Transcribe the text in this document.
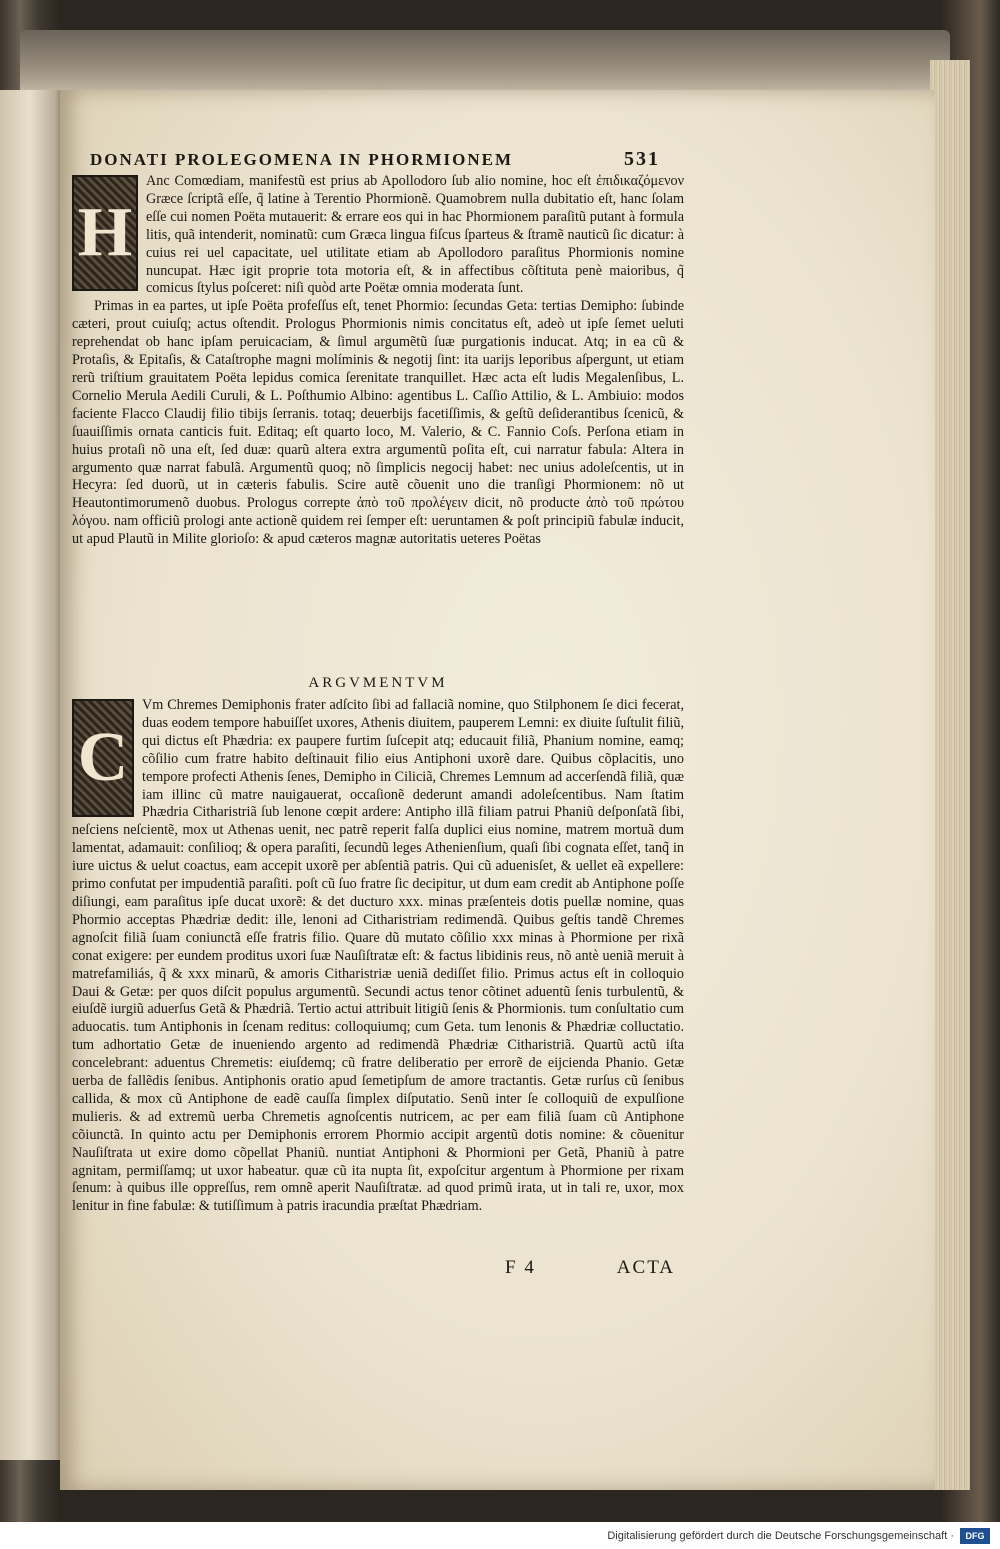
DONATI PROLEGOMENA IN PHORMIONEM	531
H

Anc Comœdiam, manifestũ est prius ab Apollodoro ſub alio nomine, hoc eſt ἐπιδικαζόμενον Græce ſcriptã eſſe, q̃ latine à Terentio Phormionẽ. Quamobrem nulla dubitatio eſt, hanc ſolam eſſe cui nomen Poëta mutauerit: & errare eos qui in hac Phormionem paraſitũ putant à formula litis, quã intenderit, nominatũ: cum Græca lingua fiſcus ſparteus & ſtramẽ nauticũ ſic dicatur: à cuius rei uel capacitate, uel utilitate etiam ab Apollodoro paraſitus Phormionis nomine nuncupat. Hæc igit proprie tota motoria eſt, & in affectibus cõſtituta penè maioribus, q̃ comicus ſtylus poſceret: niſi quòd arte Poëtæ omnia moderata ſunt.

Primas in ea partes, ut ipſe Poëta profeſſus eſt, tenet Phormio: ſecundas Geta: tertias Demipho: ſubinde cæteri, prout cuiuſq; actus oſtendit. Prologus Phormionis nimis concitatus eſt, adeò ut ipſe ſemet ueluti reprehendat ob hanc ipſam peruicaciam, & ſimul argumẽtũ ſuæ purgationis inducat. Atq; in ea cũ & Protaſis, & Epitaſis, & Cataſtrophe magni molíminis & negotij ſint: ita uarijs leporibus aſpergunt, ut etiam rerũ triſtium grauitatem Poëta lepidus comica ſerenitate tranquillet. Hæc acta eſt ludis Megalenſibus, L. Cornelio Merula Aedili Curuli, & L. Poſthumio Albino: agentibus L. Caſſio Attilio, & L. Ambiuio: modos faciente Flacco Claudij filio tibijs ſerranis. totaq; deuerbijs facetiſſimis, & geſtũ deſiderantibus ſcenicũ, & ſuauiſſimis ornata canticis fuit. Editaq; eſt quarto loco, M. Valerio, & C. Fannio Coſs. Perſona etiam in huius protaſi nõ una eſt, ſed duæ: quarũ altera extra argumentũ poſita eſt, cui narratur fabula: Altera in argumento quæ narrat fabulã. Argumentũ quoq; nõ ſimplicis negocij habet: nec unius adoleſcentis, ut in Hecyra: ſed duorũ, ut in cæteris fabulis. Scire autẽ cõuenit uno die tranſigi Phormionem: nõ ut Heautontimorumenõ duobus. Prologus correpte ἀπὸ τοῦ προλέγειν dicit, nõ producte ἀπὸ τοῦ πρώτου λόγου. nam officiũ prologi ante actionẽ quidem rei ſemper eſt: ueruntamen & poſt principiũ fabulæ inducit, ut apud Plautũ in Milite glorioſo: & apud cæteros magnæ autoritatis ueteres Poëtas

ARGVMENTVM
C

Vm Chremes Demiphonis frater adſcito ſibi ad fallaciã nomine, quo Stilphonem ſe dici fecerat, duas eodem tempore habuiſſet uxores, Athenis diuitem, pauperem Lemni: ex diuite ſuſtulit filiũ, qui dictus eſt Phædria: ex paupere furtim ſuſcepit atq; educauit filiã, Phanium nomine, eamq; cõſilio cum fratre habito deſtinauit filio eius Antiphoni uxorẽ dare. Quibus cõplacitis, uno tempore profecti Athenis ſenes, Demipho in Ciliciã, Chremes Lemnum ad accerſendã filiã, quæ iam illinc cũ matre nauigauerat, occaſionẽ dederunt amandi adoleſcentibus. Nam ſtatim Phædria Citharistriã ſub lenone cœpit ardere: Antipho illã filiam patrui Phaniũ deſponſatã ſibi, neſciens neſcientẽ, mox ut Athenas uenit, nec patrẽ reperit falſa duplici eius nomine, matrem mortuã dum lamentat, adamauit: conſilioq; & opera paraſiti, ſecundũ leges Athenienſium, quaſi ſibi cognata eſſet, tanq̃ in iure uictus & uelut coactus, eam accepit uxorẽ per abſentiã patris. Qui cũ aduenisſet, & uellet eã expellere: primo confutat per impudentiã paraſiti. poſt cũ ſuo fratre ſic decipitur, ut dum eam credit ab Antiphone poſſe diſiungi, eam paraſitus ipſe ducat uxorẽ: & det ducturo xxx. minas præſenteis dotis puellæ nomine, quas Phormio acceptas Phædriæ dedit: ille, lenoni ad Citharistriam redimendã. Quibus geſtis tandẽ Chremes agnoſcit filiã ſuam coniunctã eſſe fratris filio. Quare dũ mutato cõſilio xxx minas à Phormione per rixã conat exigere: per eundem proditus uxori ſuæ Nauſiſtratæ eſt: & factus libidinis reus, nõ antè ueniã meruit à matrefamiliás, q̃ & xxx minarũ, & amoris Citharistriæ ueniã dediſſet filio. Primus actus eſt in colloquio Daui & Getæ: per quos diſcit populus argumentũ. Secundi actus tenor cõtinet aduentũ ſenis turbulentũ, & eiuſdẽ iurgiũ aduerſus Getã & Phædriã. Tertio actui attribuit litigiũ ſenis & Phormionis. tum conſultatio cum aduocatis. tum Antiphonis in ſcenam reditus: colloquiumq; cum Geta. tum lenonis & Phædriæ colluctatio. tum adhortatio Getæ de inueniendo argento ad redimendã Phædriæ Citharistriã. Quartũ actũ iſta concelebrant: aduentus Chremetis: eiuſdemq; cũ fratre deliberatio per errorẽ de eijcienda Phanio. Getæ uerba de fallẽdis ſenibus. Antiphonis oratio apud ſemetipſum de amore tractantis. Getæ rurſus cũ ſenibus callida, & mox cũ Antiphone de eadẽ cauſſa ſimplex diſputatio. Senũ inter ſe colloquiũ de expulſione mulieris. & ad extremũ uerba Chremetis agnoſcentis nutricem, ac per eam filiã ſuam cũ Antiphone cõiunctã. In quinto actu per Demiphonis errorem Phormio accipit argentũ dotis nomine: & cõuenitur Nauſiſtrata ut exire domo cõpellat Phaniũ. nuntiat Antiphoni & Phormioni per Getã, Phaniũ à patre agnitam, permiſſamq; ut uxor habeatur. quæ cũ ita nupta ſit, expoſcitur argentum à Phormione per rixam ſenum: à quibus ille oppreſſus, rem omnẽ aperit Nauſiſtratæ. ad quod primũ irata, ut in tali re, uxor, mox lenitur in fine fabulæ: & tutiſſimum à patris iracundia præſtat Phædriam.

F 4	ACTA
Digitalisierung gefördert durch die Deutsche Forschungsgemeinschaft ·	DFG
